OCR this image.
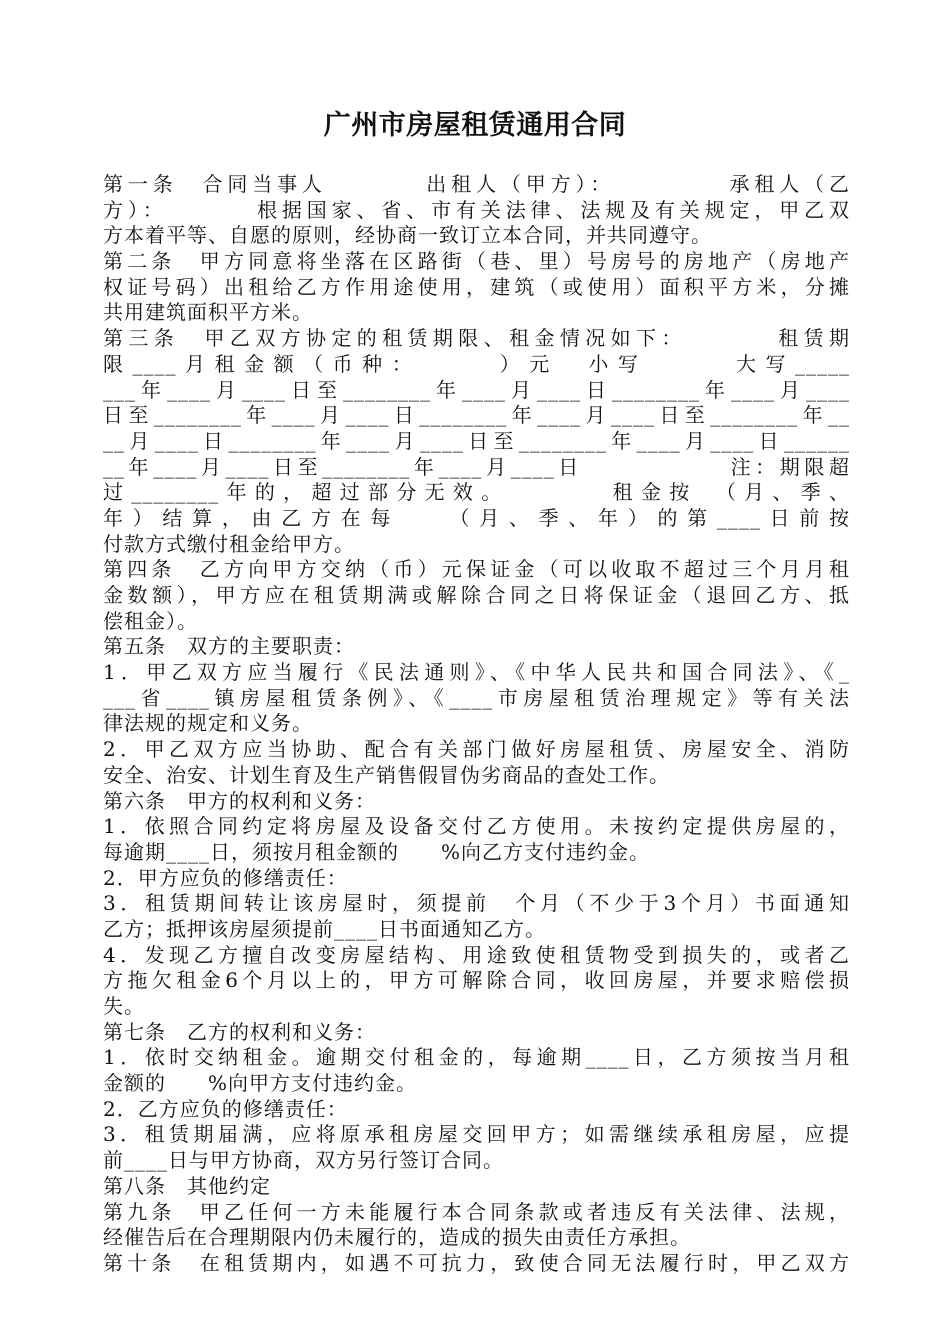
广州市房屋租赁通用合同
第一条　合同当事人　　　　出租人（甲方）：　　　　　承租人（乙
方）：　　　　根据国家、省、市有关法律、法规及有关规定，甲乙双
方本着平等、自愿的原则，经协商一致订立本合同，并共同遵守。
第二条　甲方同意将坐落在区路街（巷、里）号房号的房地产（房地产
权证号码）出租给乙方作用途使用，建筑（或使用）面积平方米，分摊
共用建筑面积平方米。
第三条　甲乙双方协定的租赁期限、租金情况如下：　　　　租赁期
限____月租金额（币种：　　　）元　小写　　　大写_____
___年____月____日至________年____月____日________年____月____
日至________年____月____日________年____月____日至________年__
__月____日________年____月____日至________年____月____日______
__年____月____日至________年____月____日　　　　　　注：期限超
过________年的，超过部分无效。　　　　租金按　（月、季、
年）结算，由乙方在每　　（月、季、年）的第____日前按
付款方式缴付租金给甲方。
第四条　乙方向甲方交纳（币）元保证金（可以收取不超过三个月月租
金数额），甲方应在租赁期满或解除合同之日将保证金（退回乙方、抵
偿租金）。
第五条　双方的主要职责：
1．甲乙双方应当履行《民法通则》、《中华人民共和国合同法》、《_
___省____镇房屋租赁条例》、《____市房屋租赁治理规定》等有关法
律法规的规定和义务。
2．甲乙双方应当协助、配合有关部门做好房屋租赁、房屋安全、消防
安全、治安、计划生育及生产销售假冒伪劣商品的查处工作。
第六条　甲方的权利和义务：
1．依照合同约定将房屋及设备交付乙方使用。未按约定提供房屋的，
每逾期____日，须按月租金额的　　%向乙方支付违约金。
2．甲方应负的修缮责任：
3．租赁期间转让该房屋时，须提前　个月（不少于3个月）书面通知
乙方；抵押该房屋须提前____日书面通知乙方。
4．发现乙方擅自改变房屋结构、用途致使租赁物受到损失的，或者乙
方拖欠租金6个月以上的，甲方可解除合同，收回房屋，并要求赔偿损
失。
第七条　乙方的权利和义务：
1．依时交纳租金。逾期交付租金的，每逾期____日，乙方须按当月租
金额的　　%向甲方支付违约金。
2．乙方应负的修缮责任：
3．租赁期届满，应将原承租房屋交回甲方；如需继续承租房屋，应提
前____日与甲方协商，双方另行签订合同。
第八条　其他约定
第九条　甲乙任何一方未能履行本合同条款或者违反有关法律、法规，
经催告后在合理期限内仍未履行的，造成的损失由责任方承担。
第十条　在租赁期内，如遇不可抗力，致使合同无法履行时，甲乙双方
